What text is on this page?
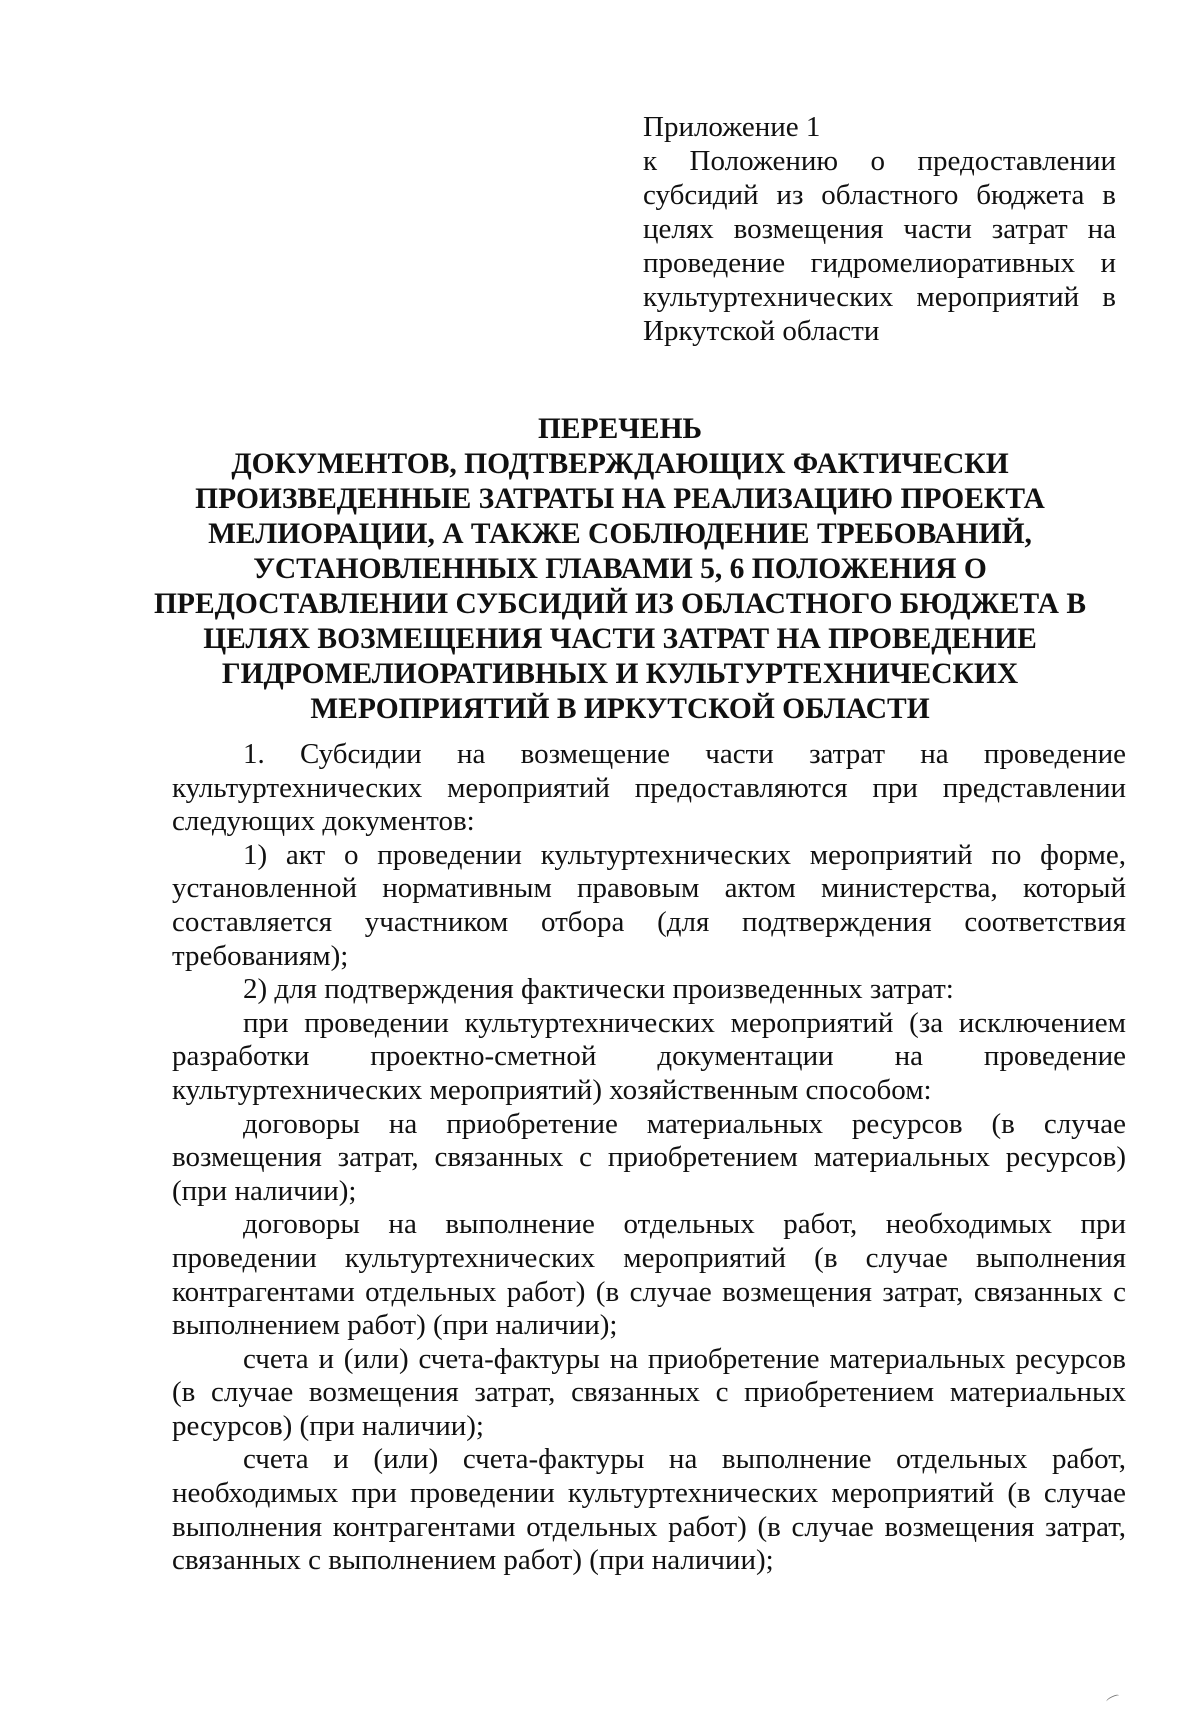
Приложение 1
к Положению о предоставлении субсидий из областного бюджета в целях возмещения части затрат на проведение гидромелиоративных и культуртехнических мероприятий в Иркутской области
ПЕРЕЧЕНЬ
ДОКУМЕНТОВ, ПОДТВЕРЖДАЮЩИХ ФАКТИЧЕСКИ
ПРОИЗВЕДЕННЫЕ ЗАТРАТЫ НА РЕАЛИЗАЦИЮ ПРОЕКТА
МЕЛИОРАЦИИ, А ТАКЖЕ СОБЛЮДЕНИЕ ТРЕБОВАНИЙ,
УСТАНОВЛЕННЫХ ГЛАВАМИ 5, 6 ПОЛОЖЕНИЯ О
ПРЕДОСТАВЛЕНИИ СУБСИДИЙ ИЗ ОБЛАСТНОГО БЮДЖЕТА В
ЦЕЛЯХ ВОЗМЕЩЕНИЯ ЧАСТИ ЗАТРАТ НА ПРОВЕДЕНИЕ
ГИДРОМЕЛИОРАТИВНЫХ И КУЛЬТУРТЕХНИЧЕСКИХ
МЕРОПРИЯТИЙ В ИРКУТСКОЙ ОБЛАСТИ

1. Субсидии на возмещение части затрат на проведение культуртехнических мероприятий предоставляются при представлении следующих документов:

1) акт о проведении культуртехнических мероприятий по форме, установленной нормативным правовым актом министерства, который составляется участником отбора (для подтверждения соответствия требованиям);

2) для подтверждения фактически произведенных затрат:

при проведении культуртехнических мероприятий (за исключением разработки проектно-сметной документации на проведение культуртехнических мероприятий) хозяйственным способом:

договоры на приобретение материальных ресурсов (в случае возмещения затрат, связанных с приобретением материальных ресурсов) (при наличии);

договоры на выполнение отдельных работ, необходимых при проведении культуртехнических мероприятий (в случае выполнения контрагентами отдельных работ) (в случае возмещения затрат, связанных с выполнением работ) (при наличии);

счета и (или) счета-фактуры на приобретение материальных ресурсов (в случае возмещения затрат, связанных с приобретением материальных ресурсов) (при наличии);

счета и (или) счета-фактуры на выполнение отдельных работ, необходимых при проведении культуртехнических мероприятий (в случае выполнения контрагентами отдельных работ) (в случае возмещения затрат, связанных с выполнением работ) (при наличии);
